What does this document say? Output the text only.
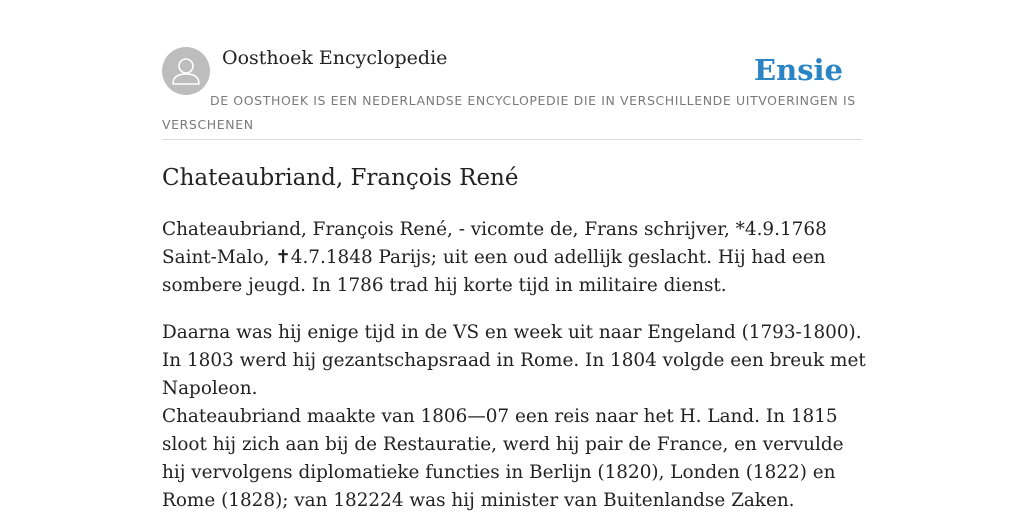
Oosthoek Encyclopedie	Ensie

DE OOSTHOEK IS EEN NEDERLANDSE ENCYCLOPEDIE DIE IN VERSCHILLENDE UITVOERINGEN IS VERSCHENEN

Chateaubriand, François René

Chateaubriand, François René, - vicomte de, Frans schrijver, *4.9.1768 Saint-Malo, ✝4.7.1848 Parijs; uit een oud adellijk geslacht. Hij had een sombere jeugd. In 1786 trad hij korte tijd in militaire dienst.

Daarna was hij enige tijd in de VS en week uit naar Engeland (1793-1800). In 1803 werd hij gezantschapsraad in Rome. In 1804 volgde een breuk met Napoleon.

Chateaubriand maakte van 1806—07 een reis naar het H. Land. In 1815 sloot hij zich aan bij de Restauratie, werd hij pair de France, en vervulde hij vervolgens diplomatieke functies in Berlijn (1820), Londen (1822) en Rome (1828); van 182224 was hij minister van Buitenlandse Zaken.
